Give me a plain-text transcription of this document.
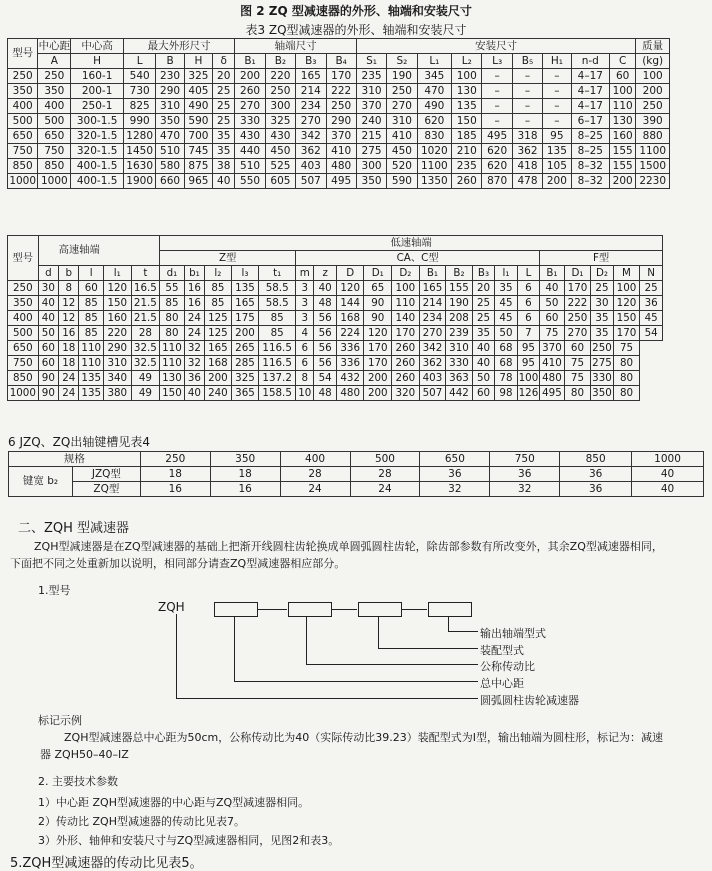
图 2 ZQ 型减速器的外形、轴端和安装尺寸
表3 ZQ型减速器的外形、轴端和安装尺寸
型号	中心距	中心高	最大外形尺寸				轴端尺寸				安装尺寸									质量
	A	H	L	B	H	δ	B₁	B₂	B₃	B₄	S₁	S₂	L₁	L₂	L₃	B₅	H₁	n-d	C	(kg)
250	250	160-1	540	230	325	20	200	220	165	170	235	190	345	100	–	–	–	4–17	60	100
350	350	200-1	730	290	405	25	260	250	214	222	310	250	470	130	–	–	–	4–17	100	200
400	400	250-1	825	310	490	25	270	300	234	250	370	270	490	135	–	–	–	4–17	110	250
500	500	300-1.5	990	350	590	25	330	325	270	290	240	310	620	150	–	–	–	6–17	130	390
650	650	320-1.5	1280	470	700	35	430	430	342	370	215	410	830	185	495	318	95	8–25	160	880
750	750	320-1.5	1450	510	745	35	440	450	362	410	275	450	1020	210	620	362	135	8–25	155	1100
850	850	400-1.5	1630	580	875	38	510	525	403	480	300	520	1100	235	620	418	105	8–32	155	1500
1000	1000	400-1.5	1900	660	965	40	550	605	507	495	350	590	1350	260	870	478	200	8–32	200	2230
型号	高速轴端					低速轴端																			
						Z型					CA、C型										F型				
	d	b	l	l₁	t	d₁	b₁	l₂	l₃	t₁	m	z	D	D₁	D₂	B₁	B₂	B₃	l₁	L	B₁	D₁	D₂	M	N
250	30	8	60	120	16.5	55	16	85	135	58.5	3	40	120	65	100	165	155	20	35	6	40	170	25	100	25
350	40	12	85	150	21.5	85	16	85	165	58.5	3	48	144	90	110	214	190	25	45	6	50	222	30	120	36
400	40	12	85	160	21.5	80	24	125	175	85	3	56	168	90	140	234	208	25	45	6	60	250	35	150	45
500	50	16	85	220	28	80	24	125	200	85	4	56	224	120	170	270	239	35	50	7	75	270	35	170	54
650	60	18	110	290	32.5	110	32	165	265	116.5	6	56	336	170	260	342	310	40	68	95	370	60	250	75	
750	60	18	110	310	32.5	110	32	168	285	116.5	6	56	336	170	260	362	330	40	68	95	410	75	275	80	
850	90	24	135	340	49	130	36	200	325	137.2	8	54	432	200	260	403	363	50	78	100	480	75	330	80	
1000	90	24	135	380	49	150	40	240	365	158.5	10	48	480	200	320	507	442	60	98	126	495	80	350	80	
6 JZQ、ZQ出轴键槽见表4
规格		250	350	400	500	650	750	850	1000
键宽 b₂	JZQ型	18	18	28	28	36	36	36	40
	ZQ型	16	16	24	24	32	32	36	40
二、ZQH 型减速器
ZQH型减速器是在ZQ型减速器的基础上把渐开线圆柱齿轮换成单圆弧圆柱齿轮，除齿部参数有所改变外，其余ZQ型减速器相同，下面把不同之处重新加以说明，相同部分请查ZQ型减速器相应部分。
1.型号
ZQH
输出轴端型式
装配型式
公称传动比
总中心距
圆弧圆柱齿轮减速器
标记示例
ZQH型减速器总中心距为50cm，公称传动比为40（实际传动比39.23）装配型式为Ⅰ型，输出轴端为圆柱形，标记为：减速器 ZQH50–40–ⅠZ
2. 主要技术参数
1）中心距 ZQH型减速器的中心距与ZQ型减速器相同。
2）传动比 ZQH型减速器的传动比见表7。
3）外形、轴伸和安装尺寸与ZQ型减速器相同，见图2和表3。
5.ZQH型减速器的传动比见表5。
